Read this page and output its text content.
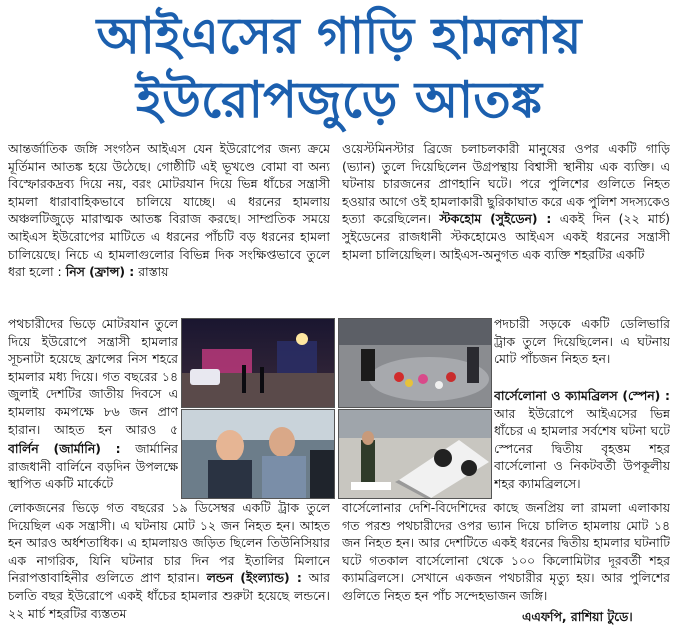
আইএসের গাড়ি হামলায়
ইউরোপজুড়ে আতঙ্ক

আন্তর্জাতিক জঙ্গি সংগঠন আইএস যেন ইউরোপের জন্য ক্রমে মূর্তিমান আতঙ্ক হয়ে উঠেছে। গোষ্ঠীটি এই ভূখণ্ডে বোমা বা অন্য বিস্ফোরকদ্রব্য দিয়ে নয়, বরং মোটরযান দিয়ে ভিন্ন ধাঁচের সন্ত্রাসী হামলা ধারাবাহিকভাবে চালিয়ে যাচ্ছে। এ ধরনের হামলায় অঞ্চলটিজুড়ে মারাত্মক আতঙ্ক বিরাজ করছে। সাম্প্রতিক সময়ে আইএস ইউরোপের মাটিতে এ ধরনের পাঁচটি বড় ধরনের হামলা চালিয়েছে। নিচে এ হামলাগুলোর বিভিন্ন দিক সংক্ষিপ্তভাবে তুলে ধরা হলো : নিস (ফ্রান্স) : রাস্তায়

পথচারীদের ভিড়ে মোটরযান তুলে দিয়ে ইউরোপে সন্ত্রাসী হামলার সূচনাটা হয়েছে ফ্রান্সের নিস শহরে হামলার মধ্য দিয়ে। গত বছরের ১৪ জুলাই দেশটির জাতীয় দিবসে এ হামলায় কমপক্ষে ৮৬ জন প্রাণ হারান। আহত হন আরও ৫

বার্লিন (জার্মানি) : জার্মানির রাজধানী বার্লিনে বড়দিন উপলক্ষে স্থাপিত একটি মার্কেটে

লোকজনের ভিড়ে গত বছরের ১৯ ডিসেম্বর একটি ট্রাক তুলে দিয়েছিল এক সন্ত্রাসী। এ ঘটনায় মোট ১২ জন নিহত হন। আহত হন আরও অর্ধশতাধিক। এ হামলায়ও জড়িত ছিলেন তিউনিসিয়ার এক নাগরিক, যিনি ঘটনার চার দিন পর ইতালির মিলানে নিরাপত্তাবাহিনীর গুলিতে প্রাণ হারান। লন্ডন (ইংল্যান্ড) : আর চলতি বছর ইউরোপে একই ধাঁচের হামলার শুরুটা হয়েছে লন্ডনে। ২২ মার্চ শহরটির ব্যস্ততম

ওয়েস্টমিনস্টার ব্রিজে চলাচলকারী মানুষের ওপর একটি গাড়ি (ভ্যান) তুলে দিয়েছিলেন উগ্রপন্থায় বিশ্বাসী স্থানীয় এক ব্যক্তি। এ ঘটনায় চারজনের প্রাণহানি ঘটে। পরে পুলিশের গুলিতে নিহত হওয়ার আগে ওই হামলাকারী ছুরিকাঘাত করে এক পুলিশ সদস্যকেও হত্যা করেছিলেন। স্টকহোম (সুইডেন) : একই দিন (২২ মার্চ) সুইডেনের রাজধানী স্টকহোমেও আইএস একই ধরনের সন্ত্রাসী হামলা চালিয়েছিল। আইএস-অনুগত এক ব্যক্তি শহরটির একটি

পদচারী সড়কে একটি ডেলিভারি ট্রাক তুলে দিয়েছিলেন। এ ঘটনায় মোট পাঁচজন নিহত হন।

বার্সেলোনা ও ক্যামব্রিলস (স্পেন) : আর ইউরোপে আইএসের ভিন্ন ধাঁচের এ হামলার সর্বশেষ ঘটনা ঘটে স্পেনের দ্বিতীয় বৃহত্তম শহর বার্সেলোনা ও নিকটবর্তী উপকূলীয় শহর ক্যামব্রিলসে।

বার্সেলোনার দেশি-বিদেশিদের কাছে জনপ্রিয় লা রামলা এলাকায় গত পরশু পথচারীদের ওপর ভ্যান দিয়ে চালিত হামলায় মোট ১৪ জন নিহত হন। আর দেশটিতে একই ধরনের দ্বিতীয় হামলার ঘটনাটি ঘটে গতকাল বার্সেলোনা থেকে ১০০ কিলোমিটার দূরবর্তী শহর ক্যামব্রিলসে। সেখানে একজন পথচারীর মৃত্যু হয়। আর পুলিশের গুলিতে নিহত হন পাঁচ সন্দেহভাজন জঙ্গি।

এএফপি, রাশিয়া টুডে।
